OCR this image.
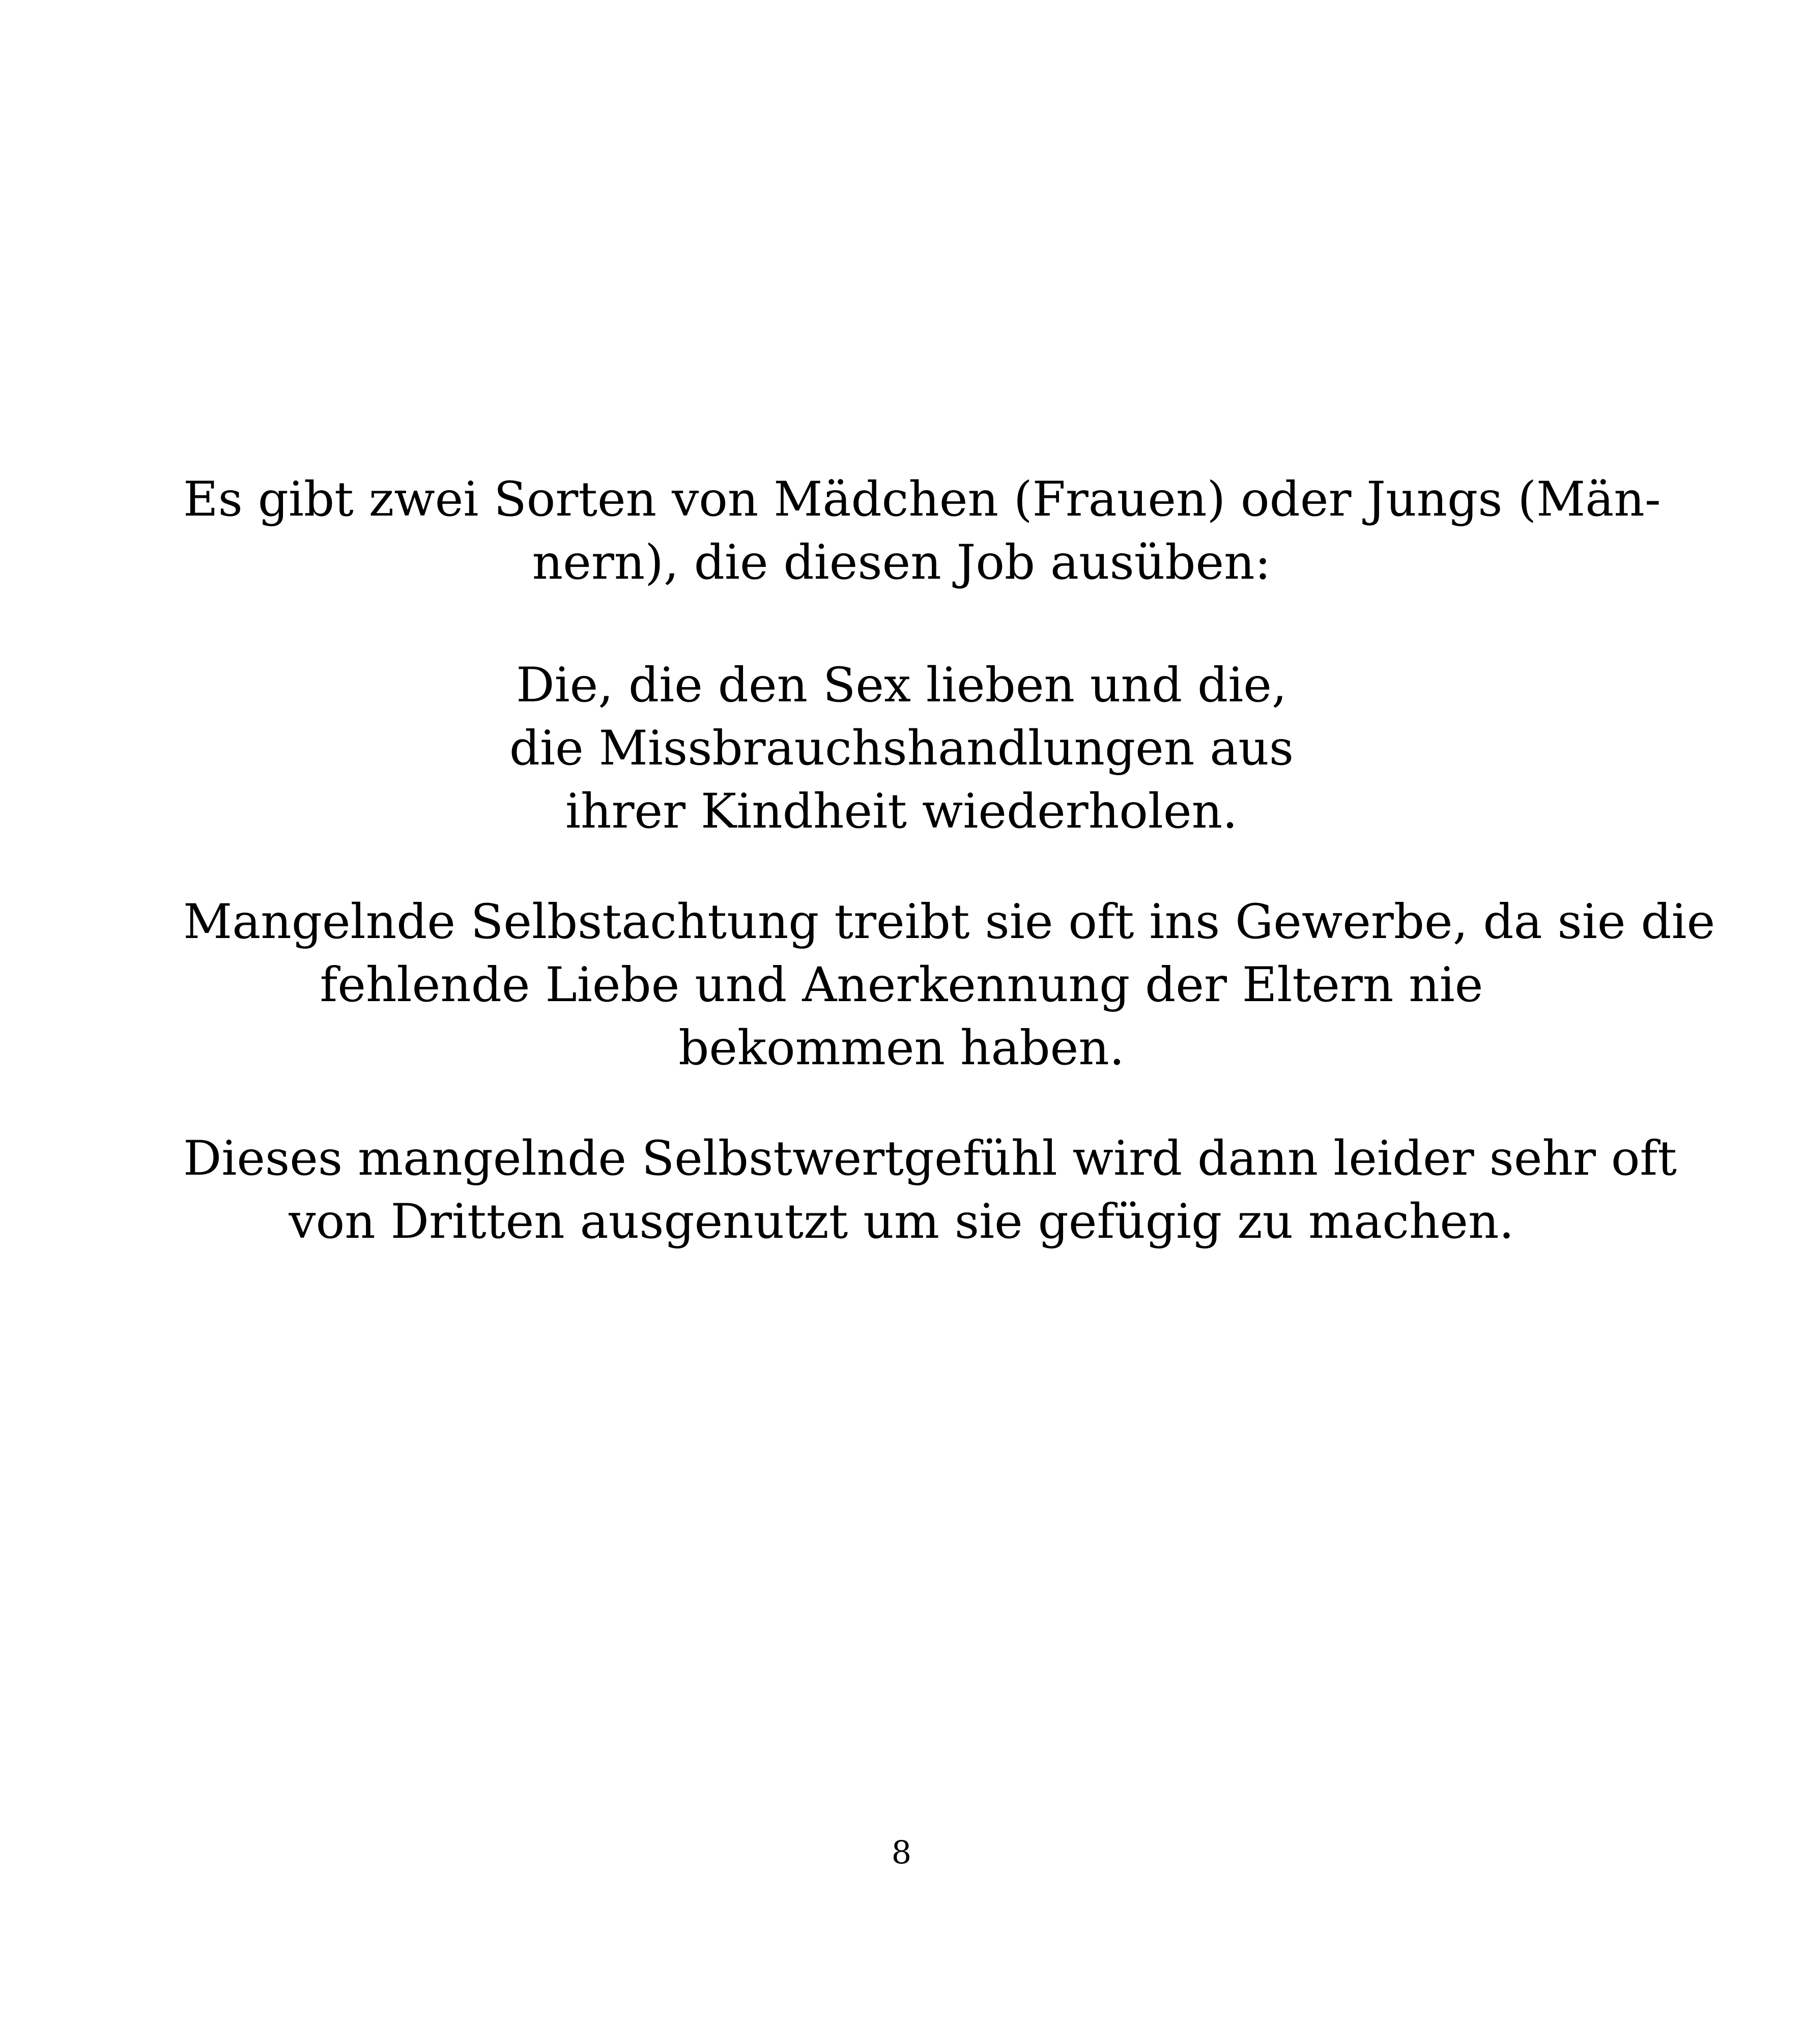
Es gibt zwei Sorten von Mädchen (Frauen) oder Jungs (Män-
nern), die diesen Job ausüben:
Die, die den Sex lieben und die,
die Missbrauchshandlungen aus
ihrer Kindheit wiederholen.
Mangelnde Selbstachtung treibt sie oft ins Gewerbe, da sie die
fehlende Liebe und Anerkennung der Eltern nie
bekommen haben.
Dieses mangelnde Selbstwertgefühl wird dann leider sehr oft
von Dritten ausgenutzt um sie gefügig zu machen.
8
